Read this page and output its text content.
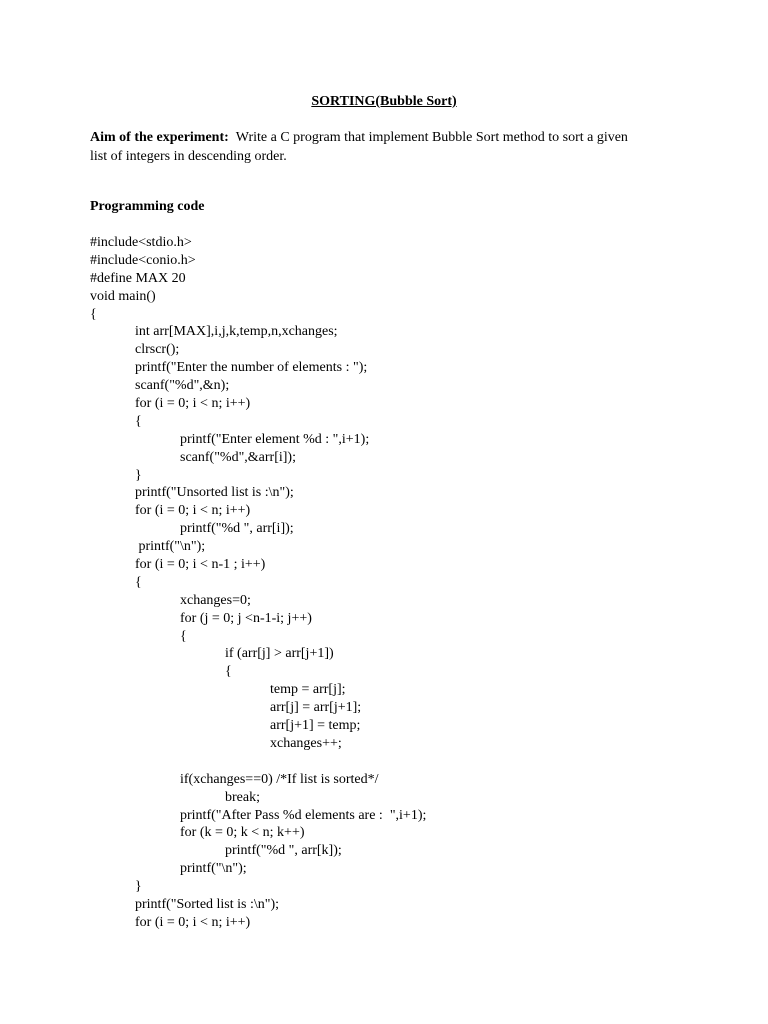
SORTING(Bubble Sort)
Aim of the experiment: Write a C program that implement Bubble Sort method to sort a given
list of integers in descending order.
Programming code
#include<stdio.h>
#include<conio.h>
#define MAX 20
void main()
{
int arr[MAX],i,j,k,temp,n,xchanges;
clrscr();
printf("Enter the number of elements : ");
scanf("%d",&n);
for (i = 0; i < n; i++)
{
printf("Enter element %d : ",i+1);
scanf("%d",&arr[i]);
}
printf("Unsorted list is :\n");
for (i = 0; i < n; i++)
printf("%d ", arr[i]);
printf("\n");
for (i = 0; i < n-1 ; i++)
{
xchanges=0;
for (j = 0; j <n-1-i; j++)
{
if (arr[j] > arr[j+1])
{
temp = arr[j];
arr[j] = arr[j+1];
arr[j+1] = temp;
xchanges++;
if(xchanges==0) /*If list is sorted*/
break;
printf("After Pass %d elements are :  ",i+1);
for (k = 0; k < n; k++)
printf("%d ", arr[k]);
printf("\n");
}
printf("Sorted list is :\n");
for (i = 0; i < n; i++)
